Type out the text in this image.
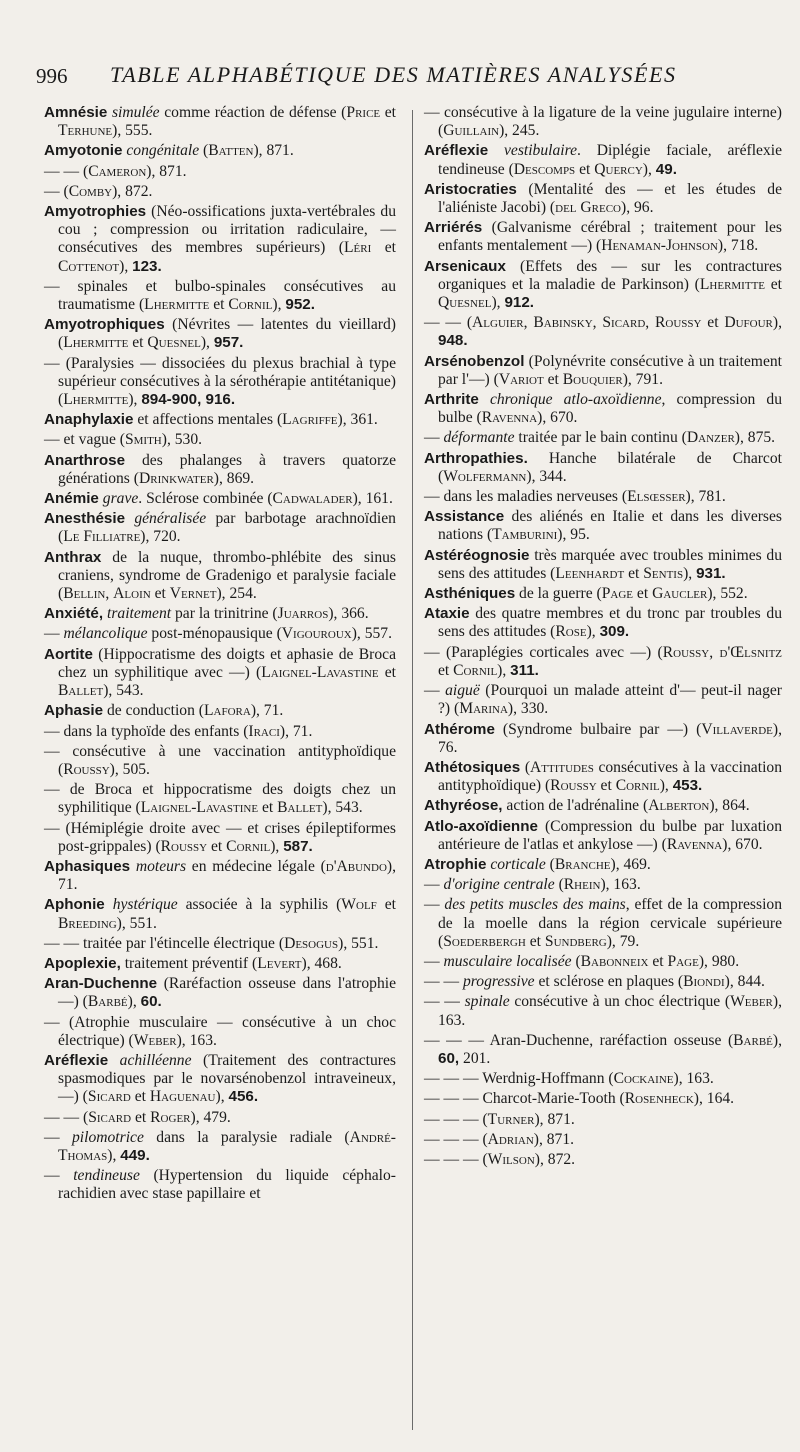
996 TABLE ALPHABÉTIQUE DES MATIÈRES ANALYSÉES
Amnésie simulée comme réaction de défense (Price et Terhune), 555.
Amyotonie congénitale (Batten), 871.
— — (Cameron), 871.
— (Comby), 872.
Amyotrophies (Néo-ossifications juxta-vertébrales du cou ; compression ou irritation radiculaire, — consécutives des membres supérieurs) (Léri et Cottenot), 123.
— spinales et bulbo-spinales consécutives au traumatisme (Lhermitte et Cornil), 952.
Amyotrophiques (Névrites — latentes du vieillard) (Lhermitte et Quesnel), 957.
— (Paralysies — dissociées du plexus brachial à type supérieur consécutives à la sérothérapie antitétanique) (Lhermitte), 894-900, 916.
Anaphylaxie et affections mentales (Lagriffe), 361.
— et vague (Smith), 530.
Anarthrose des phalanges à travers quatorze générations (Drinkwater), 869.
Anémie grave. Sclérose combinée (Cadwalader), 161.
Anesthésie généralisée par barbotage arachnoïdien (Le Filliatre), 720.
Anthrax de la nuque, thrombo-phlébite des sinus craniens, syndrome de Gradenigo et paralysie faciale (Bellin, Aloin et Vernet), 254.
Anxiété, traitement par la trinitrine (Juarros), 366.
— mélancolique post-ménopausique (Vigouroux), 557.
Aortite (Hippocratisme des doigts et aphasie de Broca chez un syphilitique avec —) (Laignel-Lavastine et Ballet), 543.
Aphasie de conduction (Lafora), 71.
— dans la typhoïde des enfants (Iraci), 71.
— consécutive à une vaccination antityphoïdique (Roussy), 505.
— de Broca et hippocratisme des doigts chez un syphilitique (Laignel-Lavastine et Ballet), 543.
— (Hémiplégie droite avec — et crises épileptiformes post-grippales) (Roussy et Cornil), 587.
Aphasiques moteurs en médecine légale (d'Abundo), 71.
Aphonie hystérique associée à la syphilis (Wolf et Breeding), 551.
— — traitée par l'étincelle électrique (Desogus), 551.
Apoplexie, traitement préventif (Levert), 468.
Aran-Duchenne (Raréfaction osseuse dans l'atrophie —) (Barbé), 60.
— (Atrophie musculaire — consécutive à un choc électrique) (Weber), 163.
Aréflexie achilléenne (Traitement des contractures spasmodiques par le novarsénobenzol intraveineux, —) (Sicard et Haguenau), 456.
— — (Sicard et Roger), 479.
— pilomotrice dans la paralysie radiale (André-Thomas), 449.
— tendineuse (Hypertension du liquide céphalo-rachidien avec stase papillaire et
— consécutive à la ligature de la veine jugulaire interne) (Guillain), 245.
Aréflexie vestibulaire. Diplégie faciale, aréflexie tendineuse (Descomps et Quercy), 49.
Aristocraties (Mentalité des — et les études de l'aliéniste Jacobi) (del Greco), 96.
Arriérés (Galvanisme cérébral ; traitement pour les enfants mentalement —) (Henaman-Johnson), 718.
Arsenicaux (Effets des — sur les contractures organiques et la maladie de Parkinson) (Lhermitte et Quesnel), 912.
— — (Alguier, Babinsky, Sicard, Roussy et Dufour), 948.
Arsénobenzol (Polynévrite consécutive à un traitement par l'—) (Variot et Bouquier), 791.
Arthrite chronique atlo-axoïdienne, compression du bulbe (Ravenna), 670.
— déformante traitée par le bain continu (Danzer), 875.
Arthropathies. Hanche bilatérale de Charcot (Wolfermann), 344.
— dans les maladies nerveuses (Elsœsser), 781.
Assistance des aliénés en Italie et dans les diverses nations (Tamburini), 95.
Astéréognosie très marquée avec troubles minimes du sens des attitudes (Leenhardt et Sentis), 931.
Asthéniques de la guerre (Page et Gaucler), 552.
Ataxie des quatre membres et du tronc par troubles du sens des attitudes (Rose), 309.
— (Paraplégies corticales avec —) (Roussy, d'Œlsnitz et Cornil), 311.
— aiguë (Pourquoi un malade atteint d'— peut-il nager ?) (Marina), 330.
Athérome (Syndrome bulbaire par —) (Villaverde), 76.
Athétosiques (Attitudes consécutives à la vaccination antityphoïdique) (Roussy et Cornil), 453.
Athyréose, action de l'adrénaline (Alberton), 864.
Atlo-axoïdienne (Compression du bulbe par luxation antérieure de l'atlas et ankylose —) (Ravenna), 670.
Atrophie corticale (Branche), 469.
— d'origine centrale (Rhein), 163.
— des petits muscles des mains, effet de la compression de la moelle dans la région cervicale supérieure (Soederbergh et Sundberg), 79.
— musculaire localisée (Babonneix et Page), 980.
— — progressive et sclérose en plaques (Biondi), 844.
— — spinale consécutive à un choc électrique (Weber), 163.
— — — Aran-Duchenne, raréfaction osseuse (Barbé), 60, 201.
— — — Werdnig-Hoffmann (Cockaine), 163.
— — — Charcot-Marie-Tooth (Rosenheck), 164.
— — — (Turner), 871.
— — — (Adrian), 871.
— — — (Wilson), 872.
